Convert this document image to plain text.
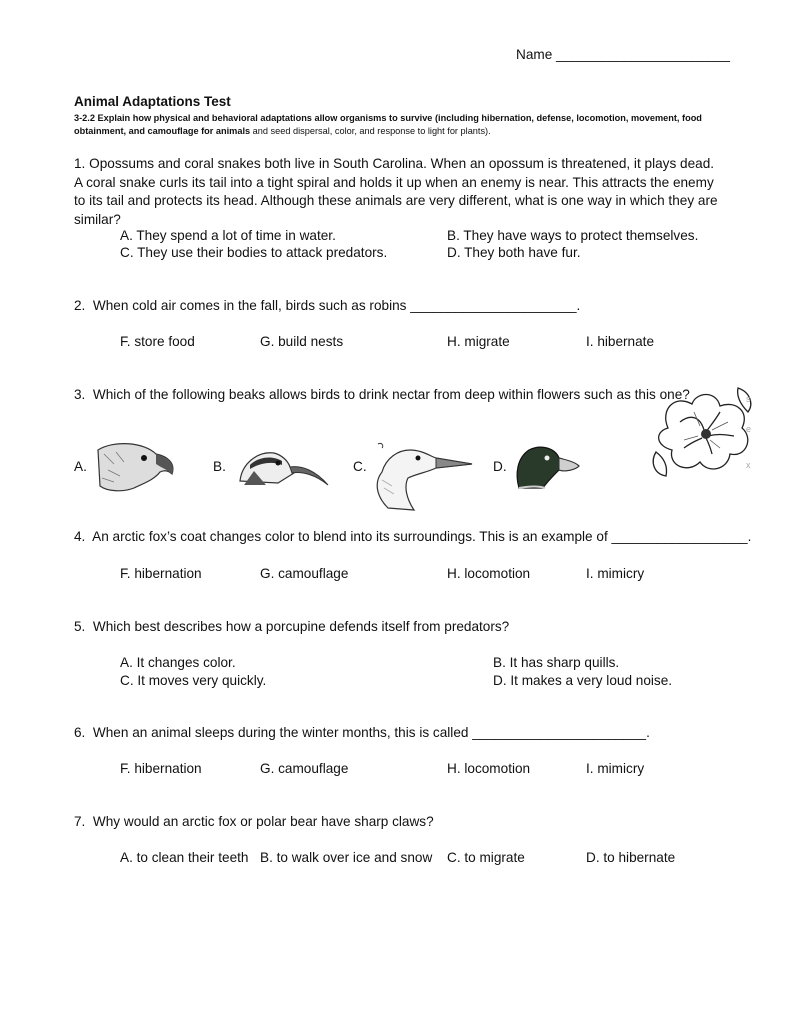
Name _______________________
Animal Adaptations Test
3-2.2 Explain how physical and behavioral adaptations allow organisms to survive (including hibernation, defense, locomotion, movement, food obtainment, and camouflage for animals and seed dispersal, color, and response to light for plants).
1. Opossums and coral snakes both live in South Carolina. When an opossum is threatened, it plays dead. A coral snake curls its tail into a tight spiral and holds it up when an enemy is near. This attracts the enemy to its tail and protects its head. Although these animals are very different, what is one way in which they are similar?
A. They spend a lot of time in water.	B. They have ways to protect themselves.
C. They use their bodies to attack predators.	D. They both have fur.
2. When cold air comes in the fall, birds such as robins ______________________.
F. store food	G. build nests	H. migrate	I. hibernate
3. Which of the following beaks allows birds to drink nectar from deep within flowers such as this one?	s
e
x
A.	B.	C.	D.
4. An arctic fox’s coat changes color to blend into its surroundings. This is an example of __________________.
F. hibernation	G. camouflage	H. locomotion	I. mimicry
5. Which best describes how a porcupine defends itself from predators?
A. It changes color.	B. It has sharp quills.
C. It moves very quickly.	D. It makes a very loud noise.
6. When an animal sleeps during the winter months, this is called _______________________.
F. hibernation	G. camouflage	H. locomotion	I. mimicry
7. Why would an arctic fox or polar bear have sharp claws?
A. to clean their teeth B. to walk over ice and snow C. to migrate	D. to hibernate
